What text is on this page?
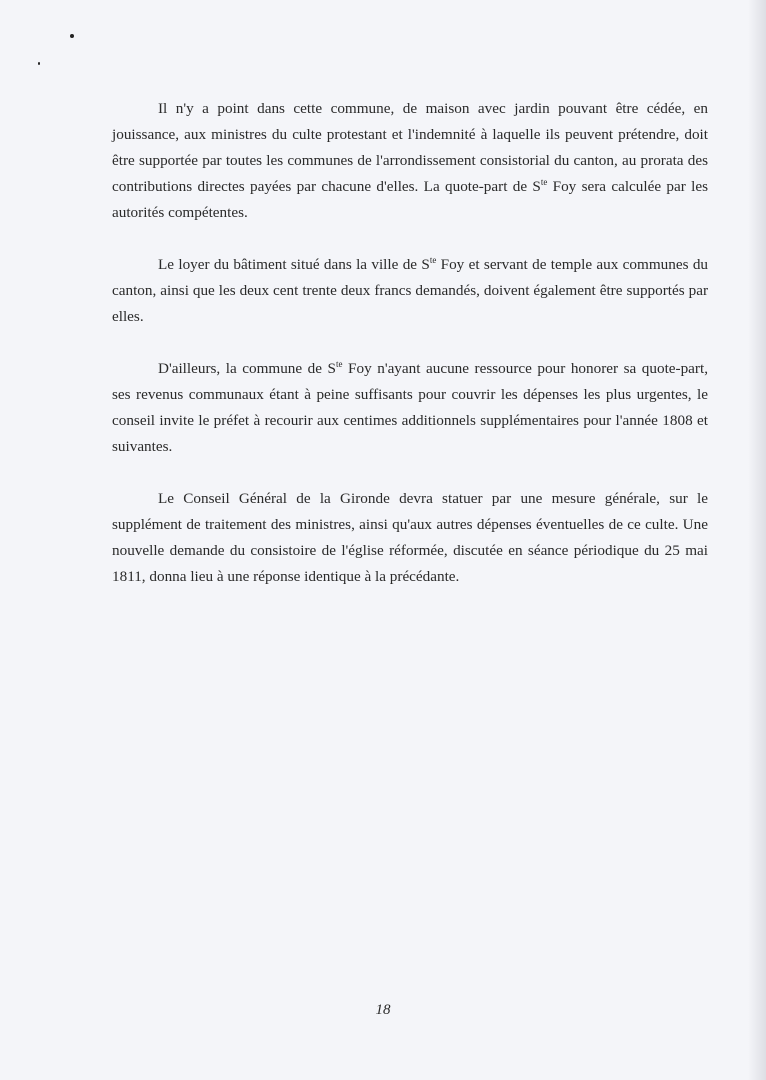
Il n'y a point dans cette commune, de maison avec jardin pouvant être cédée, en jouissance, aux ministres du culte protestant et l'indemnité à laquelle ils peuvent prétendre, doit être supportée par toutes les communes de l'arrondissement consistorial du canton, au prorata des contributions directes payées par chacune d'elles. La quote-part de $S^{te}$ Foy sera calculée par les autorités compétentes.

Le loyer du bâtiment situé dans la ville de $S^{te}$ Foy et servant de temple aux communes du canton, ainsi que les deux cent trente deux francs demandés, doivent également être supportés par elles.

D'ailleurs, la commune de $S^{te}$ Foy n'ayant aucune ressource pour honorer sa quote-part, ses revenus communaux étant à peine suffisants pour couvrir les dépenses les plus urgentes, le conseil invite le préfet à recourir aux centimes additionnels supplémentaires pour l'année 1808 et suivantes.

Le Conseil Général de la Gironde devra statuer par une mesure générale, sur le supplément de traitement des ministres, ainsi qu'aux autres dépenses éventuelles de ce culte. Une nouvelle demande du consistoire de l'église réformée, discutée en séance périodique du 25 mai 1811, donna lieu à une réponse identique à la précédante.

18
